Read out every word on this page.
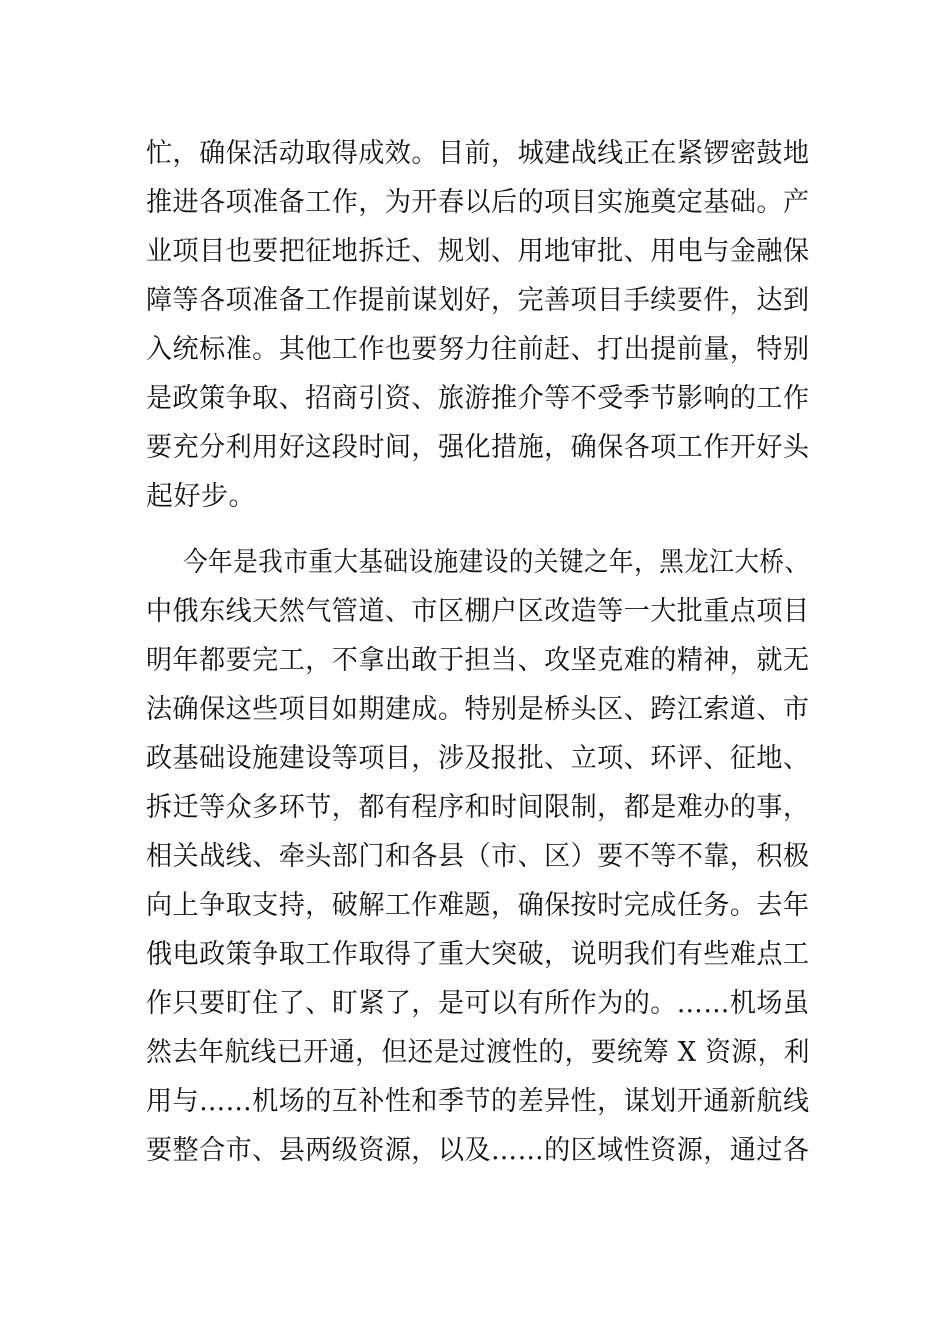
忙，确保活动取得成效。目前，城建战线正在紧锣密鼓地
推进各项准备工作，为开春以后的项目实施奠定基础。产
业项目也要把征地拆迁、规划、用地审批、用电与金融保
障等各项准备工作提前谋划好，完善项目手续要件，达到
入统标准。其他工作也要努力往前赶、打出提前量，特别
是政策争取、招商引资、旅游推介等不受季节影响的工作
要充分利用好这段时间，强化措施，确保各项工作开好头
起好步。
今年是我市重大基础设施建设的关键之年，黑龙江大桥、
中俄东线天然气管道、市区棚户区改造等一大批重点项目
明年都要完工，不拿出敢于担当、攻坚克难的精神，就无
法确保这些项目如期建成。特别是桥头区、跨江索道、市
政基础设施建设等项目，涉及报批、立项、环评、征地、
拆迁等众多环节，都有程序和时间限制，都是难办的事，
相关战线、牵头部门和各县（市、区）要不等不靠，积极
向上争取支持，破解工作难题，确保按时完成任务。去年
俄电政策争取工作取得了重大突破，说明我们有些难点工
作只要盯住了、盯紧了，是可以有所作为的。……机场虽
然去年航线已开通，但还是过渡性的，要统筹 X 资源，利
用与……机场的互补性和季节的差异性，谋划开通新航线
要整合市、县两级资源，以及……的区域性资源，通过各
